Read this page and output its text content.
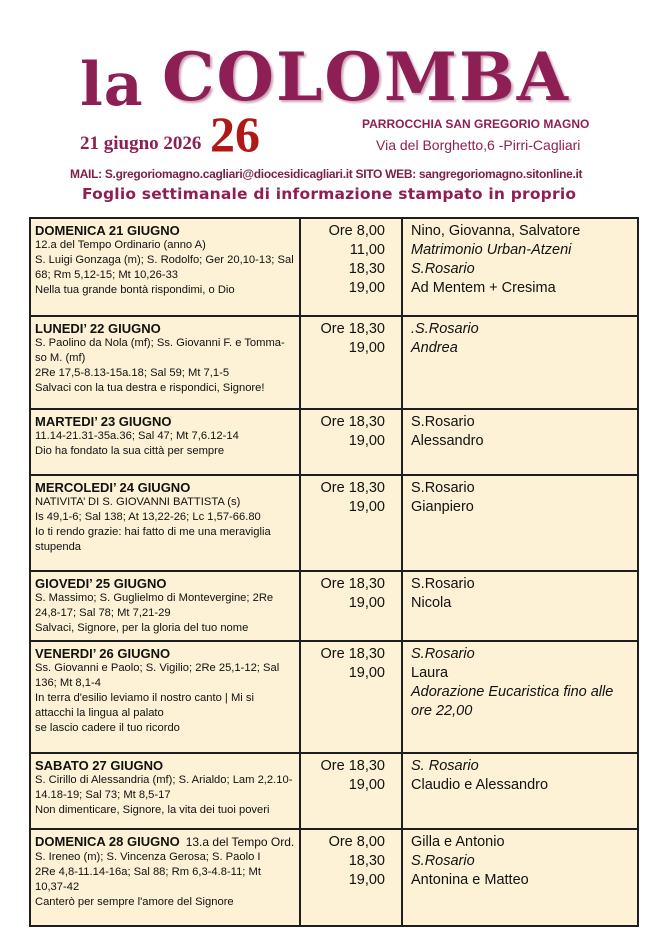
la COLOMBA
21 giugno 2026 26	PARROCCHIA SAN GREGORIO MAGNO
Via del Borghetto,6 -Pirri-Cagliari
MAIL: S.gregoriomagno.cagliari@diocesidicagliari.it SITO WEB: sangregoriomagno.sitonline.it
Foglio settimanale di informazione stampato in proprio
DOMENICA 21 GIUGNO
12.a del Tempo Ordinario (anno A)
S. Luigi Gonzaga (m); S. Rodolfo; Ger 20,10-13; Sal 68; Rm 5,12-15; Mt 10,26-33
Nella tua grande bontà rispondimi, o Dio
Ore 8,00
11,00
18,30
19,00
Nino, Giovanna, Salvatore
Matrimonio Urban-Atzeni
S.Rosario
Ad Mentem + Cresima
LUNEDI’ 22 GIUGNO
S. Paolino da Nola (mf); Ss. Giovanni F. e Tomma-so M. (mf)
2Re 17,5-8.13-15a.18; Sal 59; Mt 7,1-5
Salvaci con la tua destra e rispondici, Signore!
Ore 18,30
19,00
.S.Rosario
Andrea
MARTEDI’ 23 GIUGNO
11.14-21.31-35a.36; Sal 47; Mt 7,6.12-14
Dio ha fondato la sua città per sempre
Ore 18,30
19,00
S.Rosario
Alessandro
MERCOLEDI’ 24 GIUGNO
NATIVITA’ DI S. GIOVANNI BATTISTA (s)
Is 49,1-6; Sal 138; At 13,22-26; Lc 1,57-66.80
Io ti rendo grazie: hai fatto di me una meraviglia stupenda
Ore 18,30
19,00
S.Rosario
Gianpiero
GIOVEDI’ 25 GIUGNO
S. Massimo; S. Guglielmo di Montevergine; 2Re 24,8-17; Sal 78; Mt 7,21-29
Salvaci, Signore, per la gloria del tuo nome
Ore 18,30
19,00
S.Rosario
Nicola
VENERDI’ 26 GIUGNO
Ss. Giovanni e Paolo; S. Vigilio; 2Re 25,1-12; Sal 136; Mt 8,1-4
In terra d'esilio leviamo il nostro canto | Mi si attacchi la lingua al palato
se lascio cadere il tuo ricordo
Ore 18,30
19,00
S.Rosario
Laura
Adorazione Eucaristica fino alle ore 22,00
SABATO 27 GIUGNO
S. Cirillo di Alessandria (mf); S. Arialdo; Lam 2,2.10-14.18-19; Sal 73; Mt 8,5-17
Non dimenticare, Signore, la vita dei tuoi poveri
Ore 18,30
19,00
S. Rosario
Claudio e Alessandro
DOMENICA 28 GIUGNO 13.a del Tempo Ord.
S. Ireneo (m); S. Vincenza Gerosa; S. Paolo I
2Re 4,8-11.14-16a; Sal 88; Rm 6,3-4.8-11; Mt 10,37-42
Canterò per sempre l'amore del Signore
Ore 8,00
18,30
19,00
Gilla e Antonio
S.Rosario
Antonina e Matteo
